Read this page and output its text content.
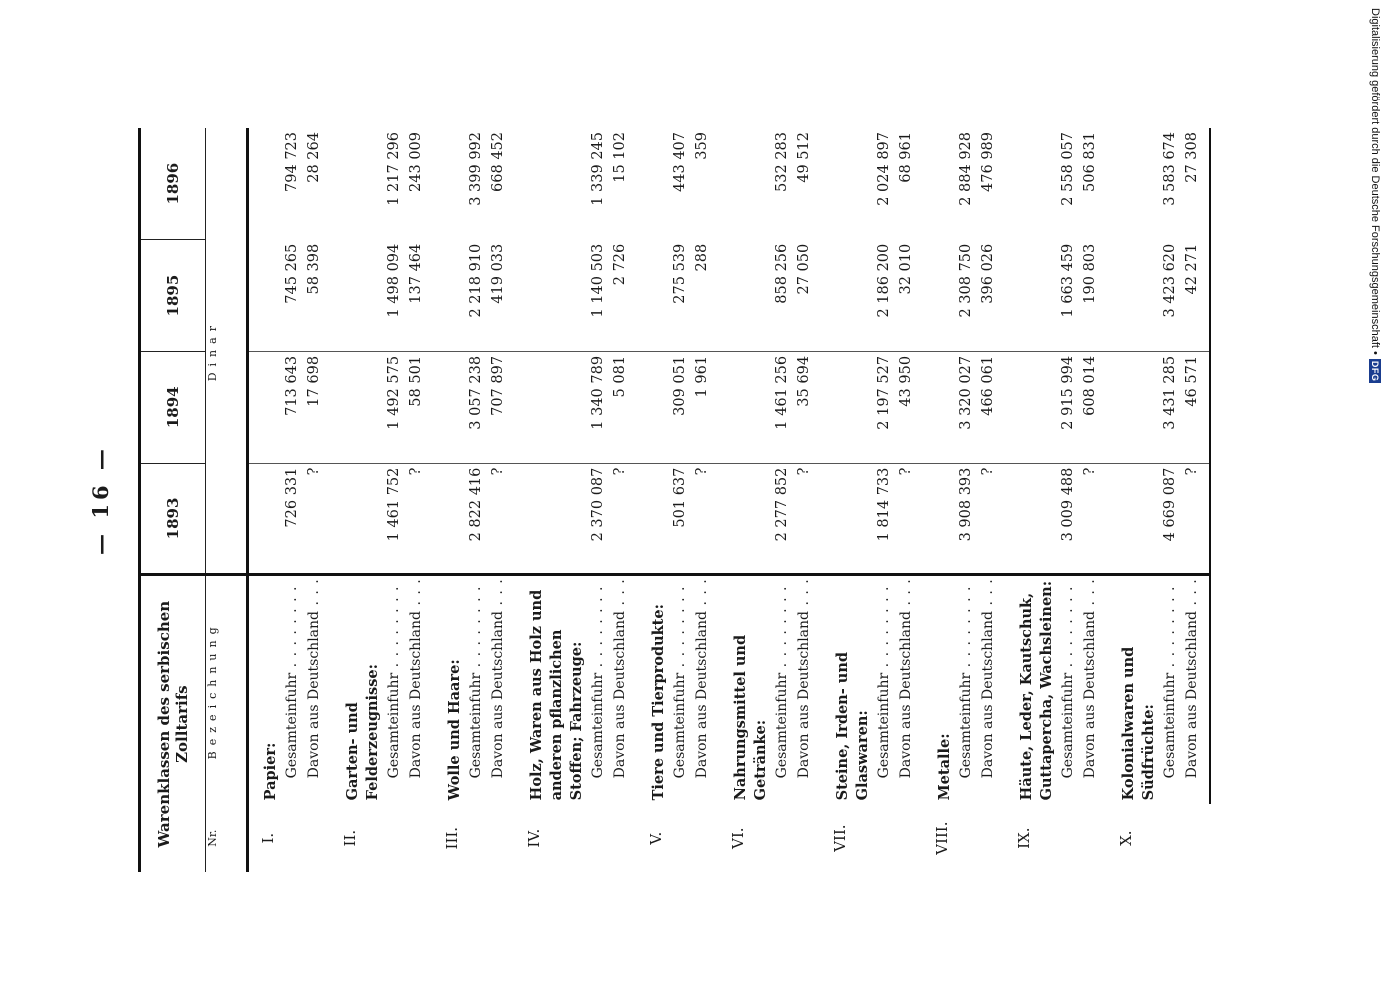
— 16 —
Warenklassen des serbischen Zolltarifs		1893	1894	1895	1896
Nr.	Bezeichnung	Dinar			

I.	Papier:				

	Gesamteinfuhr . . .	726 331	713 643	745 265	794 723

	Davon aus Deutschland . . .	?	17 698	58 398	28 264

II.	Garten- und Felderzeugnisse:				

	Gesamteinfuhr . . .	1 461 752	1 492 575	1 498 094	1 217 296

	Davon aus Deutschland . . .	?	58 501	137 464	243 009

III.	Wolle und Haare:				

	Gesamteinfuhr . . .	2 822 416	3 057 238	2 218 910	3 399 992

	Davon aus Deutschland . . .	?	707 897	419 033	668 452

IV.	Holz, Waren aus Holz und anderen pflanzlichen Stoffen; Fahrzeuge:				

	Gesamteinfuhr . . .	2 370 087	1 340 789	1 140 503	1 339 245

	Davon aus Deutschland . . .	?	5 081	2 726	15 102

V.	Tiere und Tierprodukte:				

	Gesamteinfuhr . . .	501 637	309 051	275 539	443 407

	Davon aus Deutschland . . .	?	1 961	288	359

VI.	Nahrungsmittel und Getränke:				

	Gesamteinfuhr . . .	2 277 852	1 461 256	858 256	532 283

	Davon aus Deutschland . . .	?	35 694	27 050	49 512

VII.	Steine, Irden- und Glaswaren:				

	Gesamteinfuhr . . .	1 814 733	2 197 527	2 186 200	2 024 897

	Davon aus Deutschland . . .	?	43 950	32 010	68 961

VIII.	Metalle:				

	Gesamteinfuhr . . .	3 908 393	3 320 027	2 308 750	2 884 928

	Davon aus Deutschland . . .	?	466 061	396 026	476 989

IX.	Häute, Leder, Kautschuk, Guttapercha, Wachsleinen:				

	Gesamteinfuhr . . .	3 009 488	2 915 994	1 663 459	2 558 057

	Davon aus Deutschland . . .	?	608 014	190 803	506 831

X.	Kolonialwaren und Südfrüchte:				

	Gesamteinfuhr . . .	4 669 087	3 431 285	3 423 620	3 583 674

	Davon aus Deutschland . . .	?	46 571	42 271	27 308
						Digitalisierung gefördert durch die Deutsche Forschungsgemeinschaft •
DFG
